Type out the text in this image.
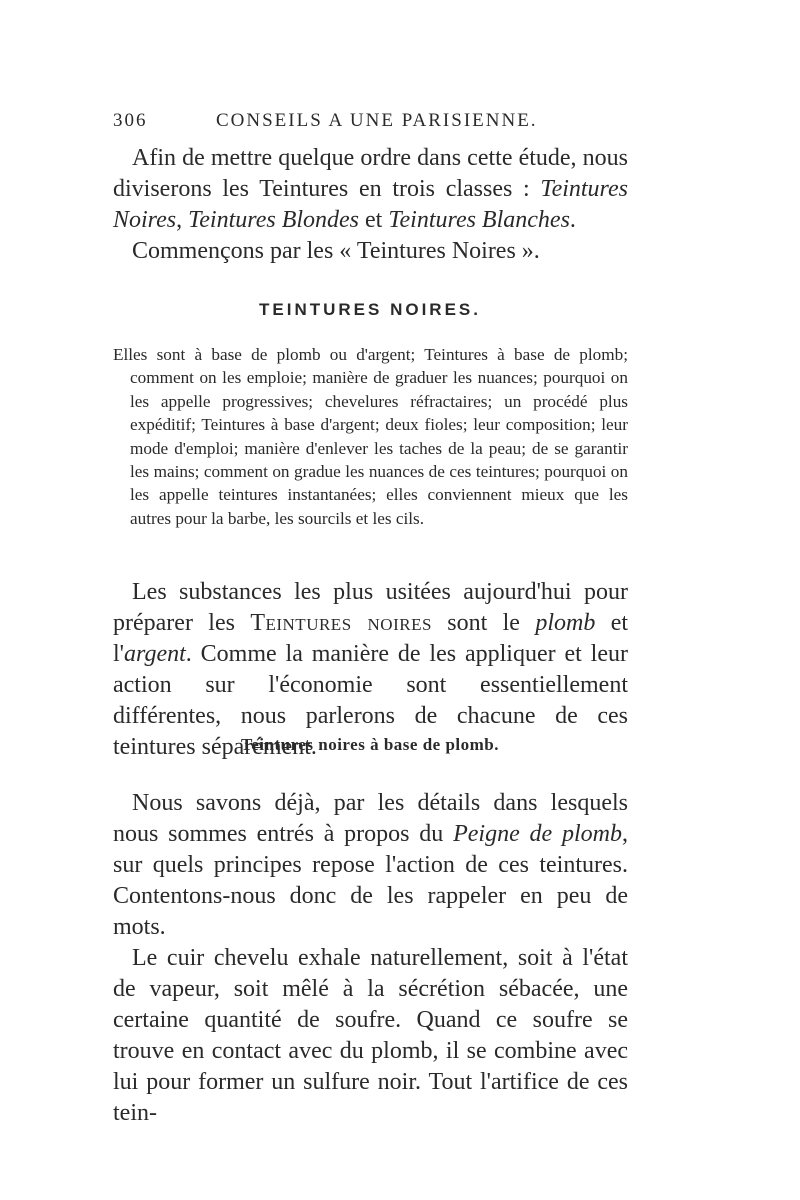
306	CONSEILS A UNE PARISIENNE.

Afin de mettre quelque ordre dans cette étude, nous diviserons les Teintures en trois classes : Teintures Noires, Teintures Blondes et Teintures Blanches.

Commençons par les « Teintures Noires ».

TEINTURES NOIRES.

Elles sont à base de plomb ou d'argent; Teintures à base de plomb; comment on les emploie; manière de graduer les nuances; pourquoi on les appelle progressives; chevelures réfractaires; un procédé plus expéditif; Teintures à base d'argent; deux fioles; leur composition; leur mode d'emploi; manière d'enlever les taches de la peau; de se garantir les mains; comment on gradue les nuances de ces teintures; pourquoi on les appelle teintures instantanées; elles conviennent mieux que les autres pour la barbe, les sourcils et les cils.

Les substances les plus usitées aujourd'hui pour préparer les Teintures noires sont le plomb et l'argent. Comme la manière de les appliquer et leur action sur l'économie sont essentiellement différentes, nous parlerons de chacune de ces teintures séparément.

Teintures noires à base de plomb.

Nous savons déjà, par les détails dans lesquels nous sommes entrés à propos du Peigne de plomb, sur quels principes repose l'action de ces teintures. Contentons-nous donc de les rappeler en peu de mots.

Le cuir chevelu exhale naturellement, soit à l'état de vapeur, soit mêlé à la sécrétion sébacée, une certaine quantité de soufre. Quand ce soufre se trouve en contact avec du plomb, il se combine avec lui pour former un sulfure noir. Tout l'artifice de ces tein-
